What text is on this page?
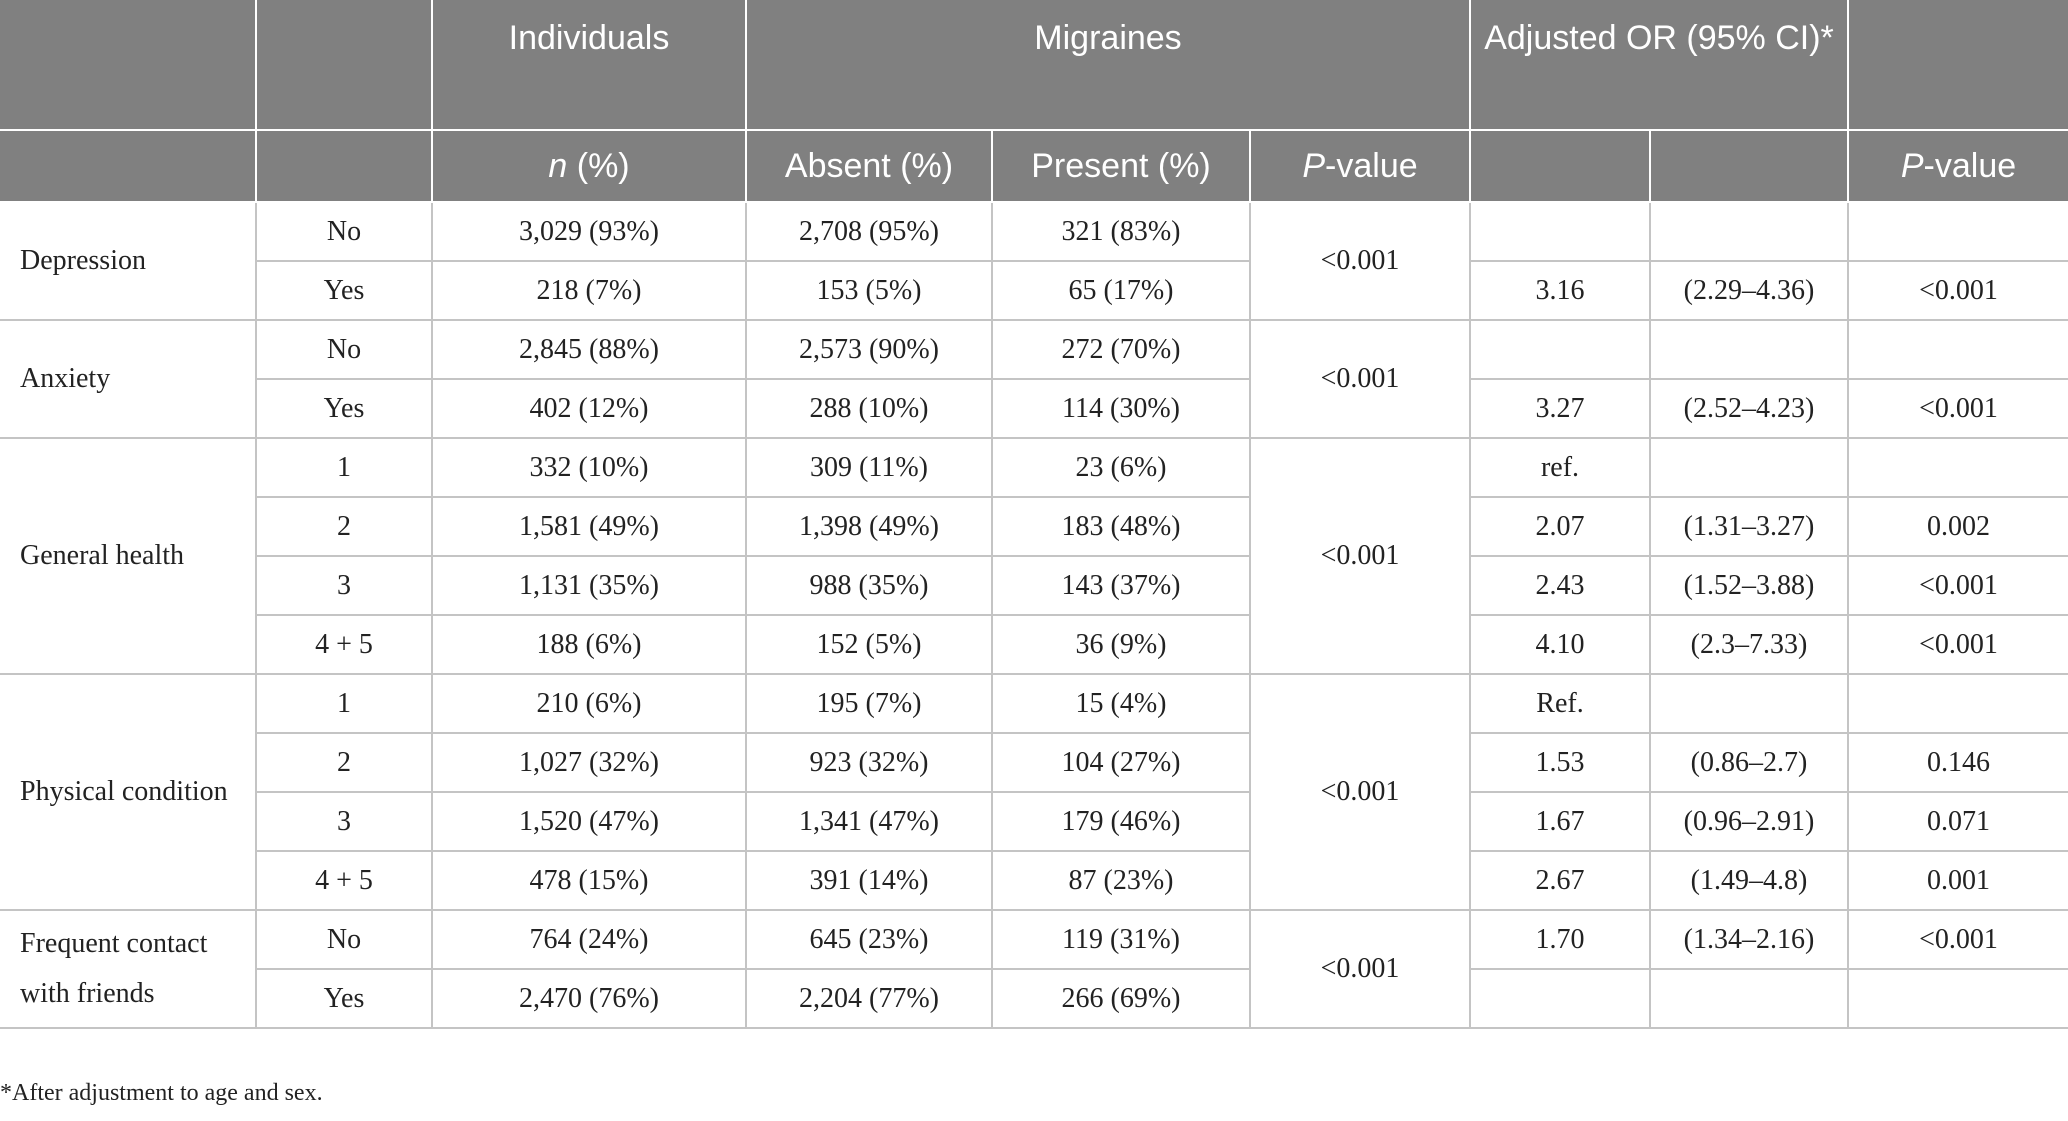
		Individuals	Migraines			Adjusted OR (95% CI)*		
		n (%)	Absent (%)	Present (%)	P-value			P-value
Depression	No	3,029 (93%)	2,708 (95%)	321 (83%)	<0.001			
	Yes	218 (7%)	153 (5%)	65 (17%)		3.16	(2.29–4.36)	<0.001
Anxiety	No	2,845 (88%)	2,573 (90%)	272 (70%)	<0.001			
	Yes	402 (12%)	288 (10%)	114 (30%)		3.27	(2.52–4.23)	<0.001
General health	1	332 (10%)	309 (11%)	23 (6%)	<0.001	ref.		
	2	1,581 (49%)	1,398 (49%)	183 (48%)		2.07	(1.31–3.27)	0.002
	3	1,131 (35%)	988 (35%)	143 (37%)		2.43	(1.52–3.88)	<0.001
	4 + 5	188 (6%)	152 (5%)	36 (9%)		4.10	(2.3–7.33)	<0.001
Physical condition	1	210 (6%)	195 (7%)	15 (4%)	<0.001	Ref.		
	2	1,027 (32%)	923 (32%)	104 (27%)		1.53	(0.86–2.7)	0.146
	3	1,520 (47%)	1,341 (47%)	179 (46%)		1.67	(0.96–2.91)	0.071
	4 + 5	478 (15%)	391 (14%)	87 (23%)		2.67	(1.49–4.8)	0.001
Frequent contact with friends	No	764 (24%)	645 (23%)	119 (31%)	<0.001	1.70	(1.34–2.16)	<0.001
	Yes	2,470 (76%)	2,204 (77%)	266 (69%)				
*After adjustment to age and sex.
